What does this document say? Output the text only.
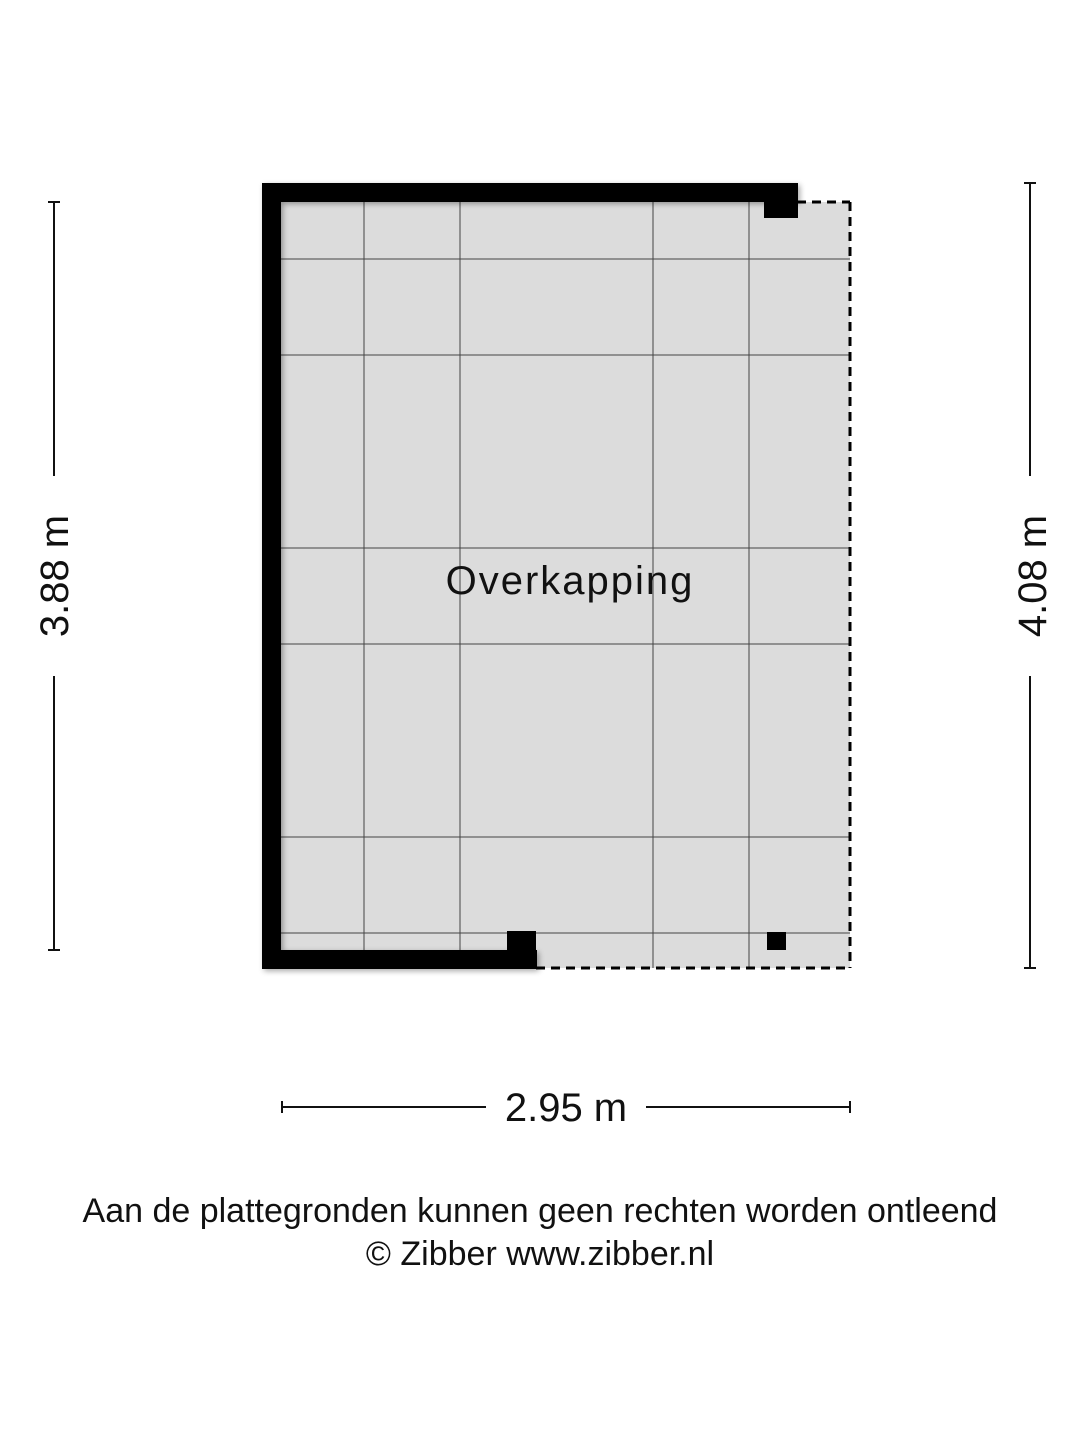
Overkapping
3.88 m	4.08 m
2.95 m
Aan de plattegronden kunnen geen rechten worden ontleend
© Zibber www.zibber.nl
